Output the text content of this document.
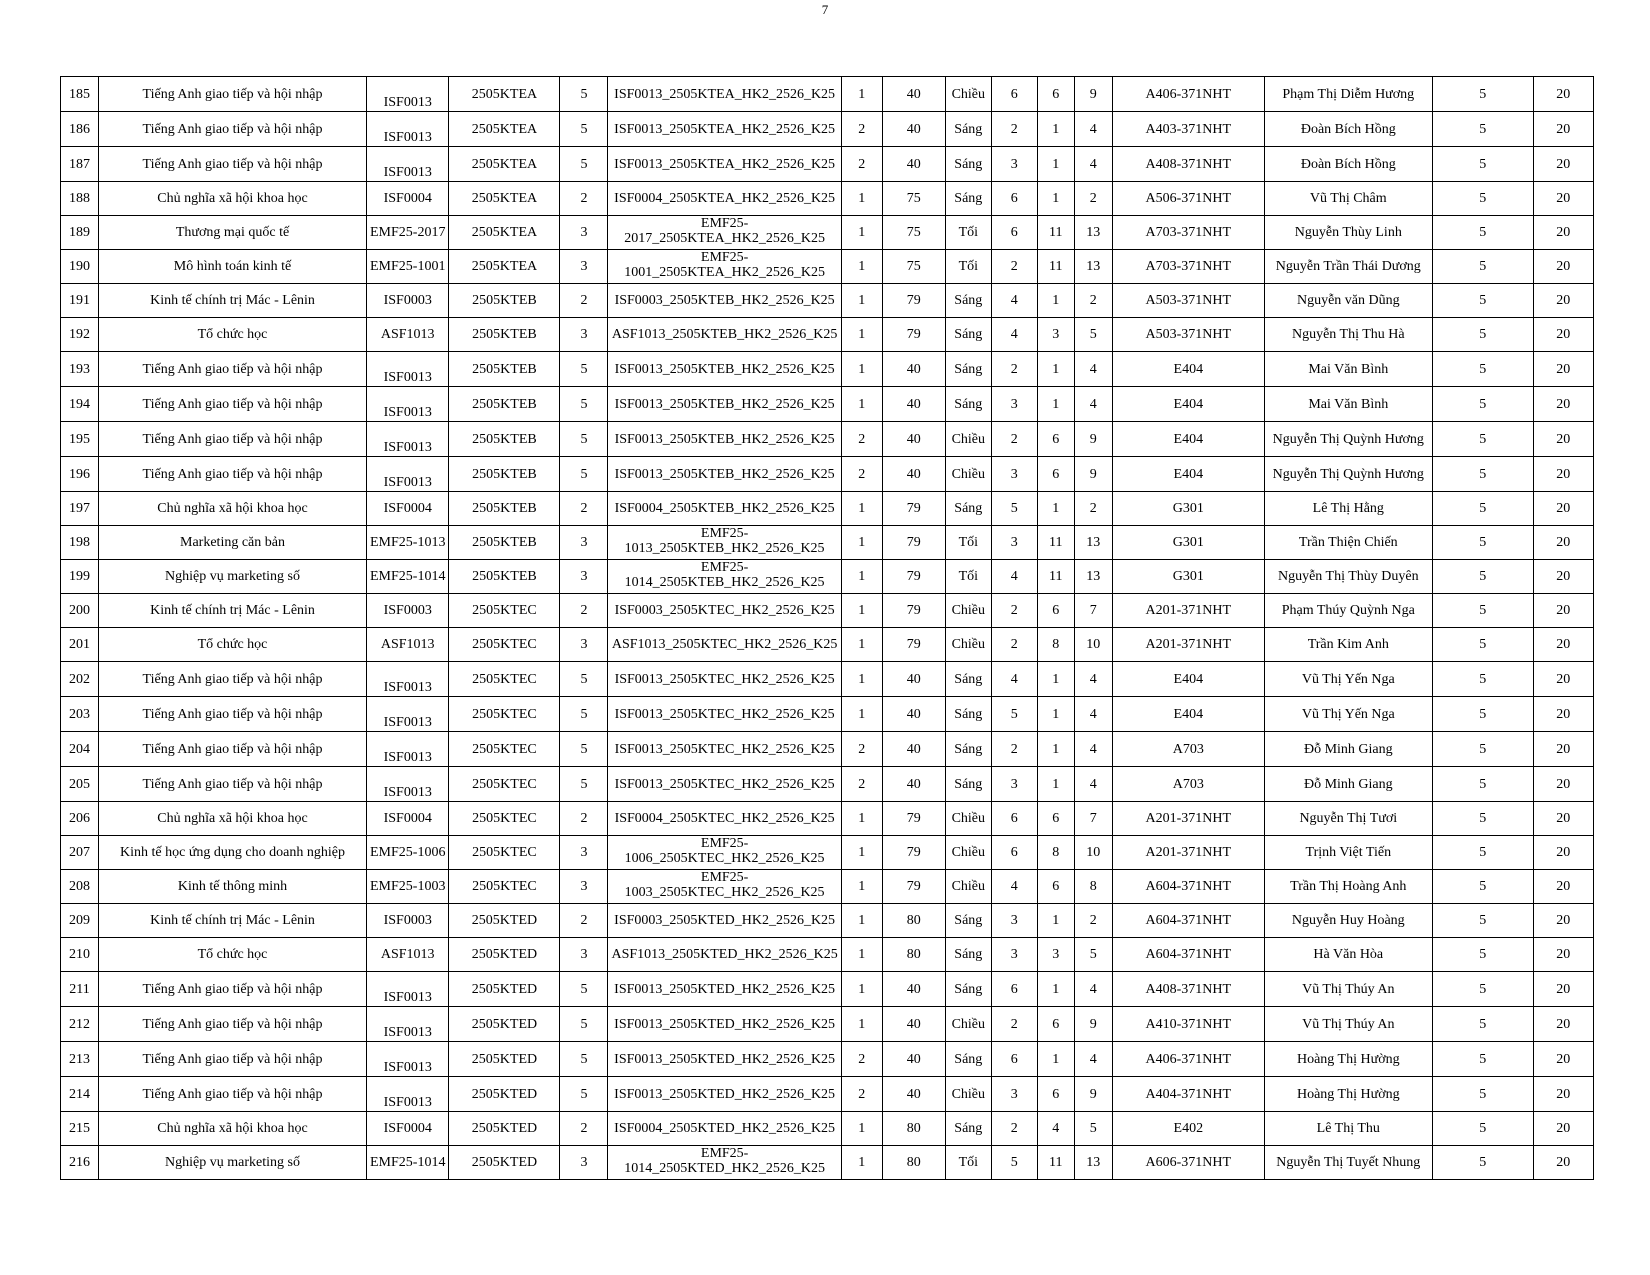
7
185	Tiếng Anh giao tiếp và hội nhập	ISF0013	2505KTEA	5	ISF0013_2505KTEA_HK2_2526_K25	1	40	Chiều	6	6	9	A406-371NHT	Phạm Thị Diễm Hương	5	20
186	Tiếng Anh giao tiếp và hội nhập	ISF0013	2505KTEA	5	ISF0013_2505KTEA_HK2_2526_K25	2	40	Sáng	2	1	4	A403-371NHT	Đoàn Bích Hồng	5	20
187	Tiếng Anh giao tiếp và hội nhập	ISF0013	2505KTEA	5	ISF0013_2505KTEA_HK2_2526_K25	2	40	Sáng	3	1	4	A408-371NHT	Đoàn Bích Hồng	5	20
188	Chủ nghĩa xã hội khoa học	ISF0004	2505KTEA	2	ISF0004_2505KTEA_HK2_2526_K25	1	75	Sáng	6	1	2	A506-371NHT	Vũ Thị Châm	5	20
189	Thương mại quốc tế	EMF25-2017	2505KTEA	3	EMF25-2017_2505KTEA_HK2_2526_K25	1	75	Tối	6	11	13	A703-371NHT	Nguyễn Thùy Linh	5	20
190	Mô hình toán kinh tế	EMF25-1001	2505KTEA	3	EMF25-1001_2505KTEA_HK2_2526_K25	1	75	Tối	2	11	13	A703-371NHT	Nguyễn Trần Thái Dương	5	20
191	Kinh tế chính trị Mác - Lênin	ISF0003	2505KTEB	2	ISF0003_2505KTEB_HK2_2526_K25	1	79	Sáng	4	1	2	A503-371NHT	Nguyễn văn Dũng	5	20
192	Tổ chức học	ASF1013	2505KTEB	3	ASF1013_2505KTEB_HK2_2526_K25	1	79	Sáng	4	3	5	A503-371NHT	Nguyễn Thị Thu Hà	5	20
193	Tiếng Anh giao tiếp và hội nhập	ISF0013	2505KTEB	5	ISF0013_2505KTEB_HK2_2526_K25	1	40	Sáng	2	1	4	E404	Mai Văn Bình	5	20
194	Tiếng Anh giao tiếp và hội nhập	ISF0013	2505KTEB	5	ISF0013_2505KTEB_HK2_2526_K25	1	40	Sáng	3	1	4	E404	Mai Văn Bình	5	20
195	Tiếng Anh giao tiếp và hội nhập	ISF0013	2505KTEB	5	ISF0013_2505KTEB_HK2_2526_K25	2	40	Chiều	2	6	9	E404	Nguyễn Thị Quỳnh Hương	5	20
196	Tiếng Anh giao tiếp và hội nhập	ISF0013	2505KTEB	5	ISF0013_2505KTEB_HK2_2526_K25	2	40	Chiều	3	6	9	E404	Nguyễn Thị Quỳnh Hương	5	20
197	Chủ nghĩa xã hội khoa học	ISF0004	2505KTEB	2	ISF0004_2505KTEB_HK2_2526_K25	1	79	Sáng	5	1	2	G301	Lê Thị Hằng	5	20
198	Marketing căn bản	EMF25-1013	2505KTEB	3	EMF25-1013_2505KTEB_HK2_2526_K25	1	79	Tối	3	11	13	G301	Trần Thiện Chiến	5	20
199	Nghiệp vụ marketing số	EMF25-1014	2505KTEB	3	EMF25-1014_2505KTEB_HK2_2526_K25	1	79	Tối	4	11	13	G301	Nguyễn Thị Thùy Duyên	5	20
200	Kinh tế chính trị Mác - Lênin	ISF0003	2505KTEC	2	ISF0003_2505KTEC_HK2_2526_K25	1	79	Chiều	2	6	7	A201-371NHT	Phạm Thúy Quỳnh Nga	5	20
201	Tổ chức học	ASF1013	2505KTEC	3	ASF1013_2505KTEC_HK2_2526_K25	1	79	Chiều	2	8	10	A201-371NHT	Trần Kim Anh	5	20
202	Tiếng Anh giao tiếp và hội nhập	ISF0013	2505KTEC	5	ISF0013_2505KTEC_HK2_2526_K25	1	40	Sáng	4	1	4	E404	Vũ Thị Yến Nga	5	20
203	Tiếng Anh giao tiếp và hội nhập	ISF0013	2505KTEC	5	ISF0013_2505KTEC_HK2_2526_K25	1	40	Sáng	5	1	4	E404	Vũ Thị Yến Nga	5	20
204	Tiếng Anh giao tiếp và hội nhập	ISF0013	2505KTEC	5	ISF0013_2505KTEC_HK2_2526_K25	2	40	Sáng	2	1	4	A703	Đỗ Minh Giang	5	20
205	Tiếng Anh giao tiếp và hội nhập	ISF0013	2505KTEC	5	ISF0013_2505KTEC_HK2_2526_K25	2	40	Sáng	3	1	4	A703	Đỗ Minh Giang	5	20
206	Chủ nghĩa xã hội khoa học	ISF0004	2505KTEC	2	ISF0004_2505KTEC_HK2_2526_K25	1	79	Chiều	6	6	7	A201-371NHT	Nguyễn Thị Tươi	5	20
207	Kinh tế học ứng dụng cho doanh nghiệp	EMF25-1006	2505KTEC	3	EMF25-1006_2505KTEC_HK2_2526_K25	1	79	Chiều	6	8	10	A201-371NHT	Trịnh Việt Tiến	5	20
208	Kinh tế thông minh	EMF25-1003	2505KTEC	3	EMF25-1003_2505KTEC_HK2_2526_K25	1	79	Chiều	4	6	8	A604-371NHT	Trần Thị Hoàng Anh	5	20
209	Kinh tế chính trị Mác - Lênin	ISF0003	2505KTED	2	ISF0003_2505KTED_HK2_2526_K25	1	80	Sáng	3	1	2	A604-371NHT	Nguyễn Huy Hoàng	5	20
210	Tổ chức học	ASF1013	2505KTED	3	ASF1013_2505KTED_HK2_2526_K25	1	80	Sáng	3	3	5	A604-371NHT	Hà Văn Hòa	5	20
211	Tiếng Anh giao tiếp và hội nhập	ISF0013	2505KTED	5	ISF0013_2505KTED_HK2_2526_K25	1	40	Sáng	6	1	4	A408-371NHT	Vũ Thị Thúy An	5	20
212	Tiếng Anh giao tiếp và hội nhập	ISF0013	2505KTED	5	ISF0013_2505KTED_HK2_2526_K25	1	40	Chiều	2	6	9	A410-371NHT	Vũ Thị Thúy An	5	20
213	Tiếng Anh giao tiếp và hội nhập	ISF0013	2505KTED	5	ISF0013_2505KTED_HK2_2526_K25	2	40	Sáng	6	1	4	A406-371NHT	Hoàng Thị Hường	5	20
214	Tiếng Anh giao tiếp và hội nhập	ISF0013	2505KTED	5	ISF0013_2505KTED_HK2_2526_K25	2	40	Chiều	3	6	9	A404-371NHT	Hoàng Thị Hường	5	20
215	Chủ nghĩa xã hội khoa học	ISF0004	2505KTED	2	ISF0004_2505KTED_HK2_2526_K25	1	80	Sáng	2	4	5	E402	Lê Thị Thu	5	20
216	Nghiệp vụ marketing số	EMF25-1014	2505KTED	3	EMF25-1014_2505KTED_HK2_2526_K25	1	80	Tối	5	11	13	A606-371NHT	Nguyễn Thị Tuyết Nhung	5	20
